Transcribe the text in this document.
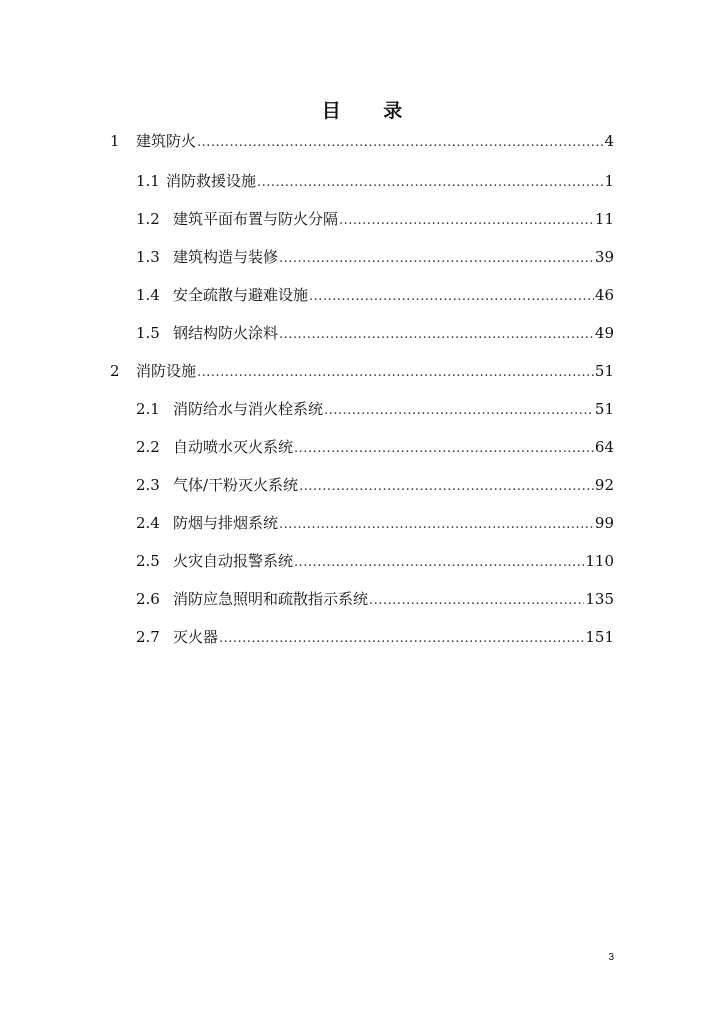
目 录
1	建筑防火 .....	4
1.1 消防救援设施 .....	1
1.2 建筑平面布置与防火分隔 .....	11
1.3 建筑构造与装修 .....	39
1.4 安全疏散与避难设施 .....	46
1.5 钢结构防火涂料 .....	49
2	消防设施 .....	51
2.1 消防给水与消火栓系统 .....	51
2.2 自动喷水灭火系统 .....	64
2.3 气体/干粉灭火系统 .....	92
2.4 防烟与排烟系统 .....	99
2.5 火灾自动报警系统 .....	110
2.6 消防应急照明和疏散指示系统 .....	135
2.7 灭火器 .....	151
3
